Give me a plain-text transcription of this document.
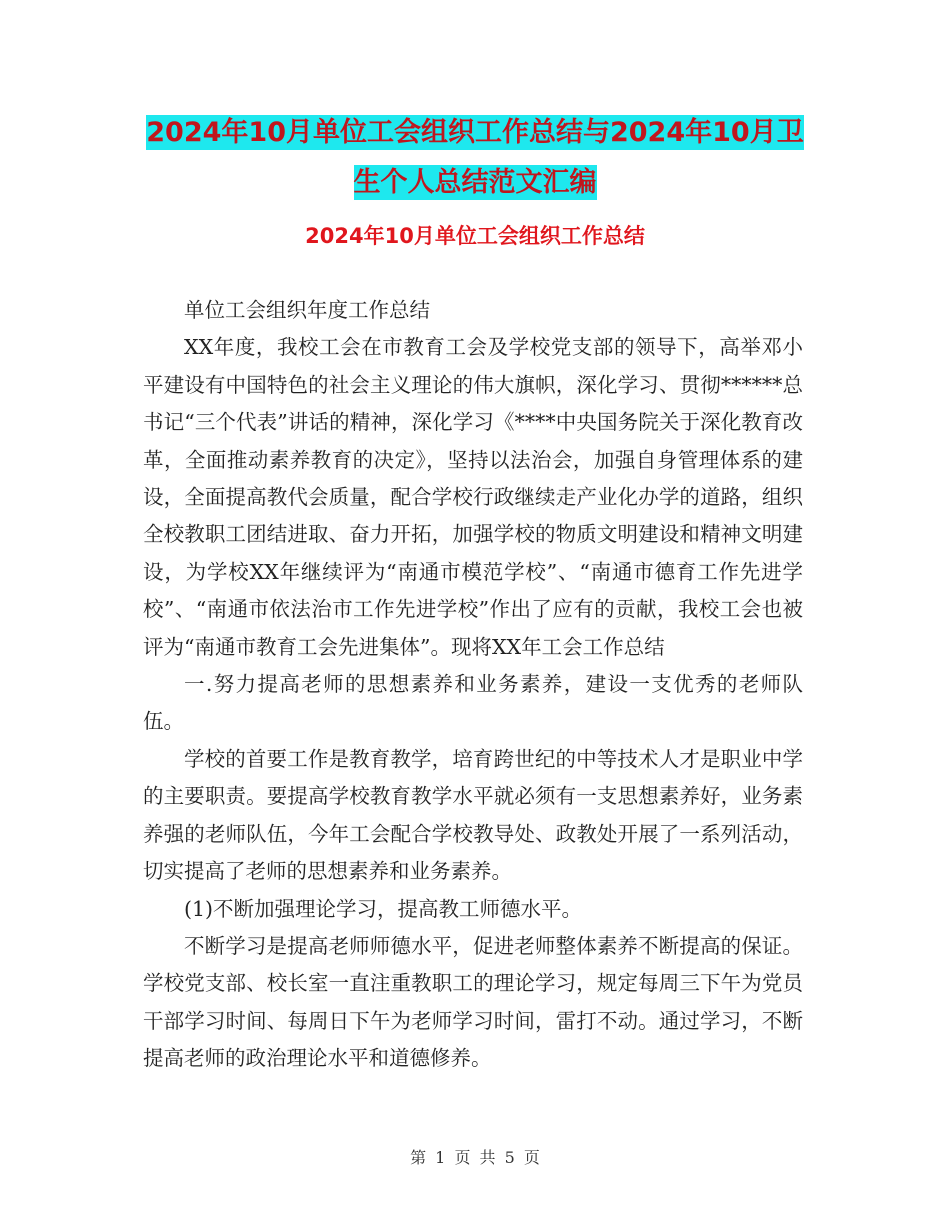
2024年10月单位工会组织工作总结与2024年10月卫
生个人总结范文汇编
2024年10月单位工会组织工作总结

单位工会组织年度工作总结

XX年度，我校工会在市教育工会及学校党支部的领导下，高举邓小平建设有中国特色的社会主义理论的伟大旗帜，深化学习、贯彻******总书记“三个代表”讲话的精神，深化学习《****中央国务院关于深化教育改革，全面推动素养教育的决定》，坚持以法治会，加强自身管理体系的建设，全面提高教代会质量，配合学校行政继续走产业化办学的道路，组织全校教职工团结进取、奋力开拓，加强学校的物质文明建设和精神文明建设，为学校XX年继续评为“南通市模范学校”、“南通市德育工作先进学校”、“南通市依法治市工作先进学校”作出了应有的贡献，我校工会也被评为“南通市教育工会先进集体”。现将XX年工会工作总结

一.努力提高老师的思想素养和业务素养，建设一支优秀的老师队伍。

学校的首要工作是教育教学，培育跨世纪的中等技术人才是职业中学的主要职责。要提高学校教育教学水平就必须有一支思想素养好，业务素养强的老师队伍，今年工会配合学校教导处、政教处开展了一系列活动，切实提高了老师的思想素养和业务素养。

(1)不断加强理论学习，提高教工师德水平。

不断学习是提高老师师德水平，促进老师整体素养不断提高的保证。学校党支部、校长室一直注重教职工的理论学习，规定每周三下午为党员干部学习时间、每周日下午为老师学习时间，雷打不动。通过学习，不断提高老师的政治理论水平和道德修养。

第 1 页 共 5 页
